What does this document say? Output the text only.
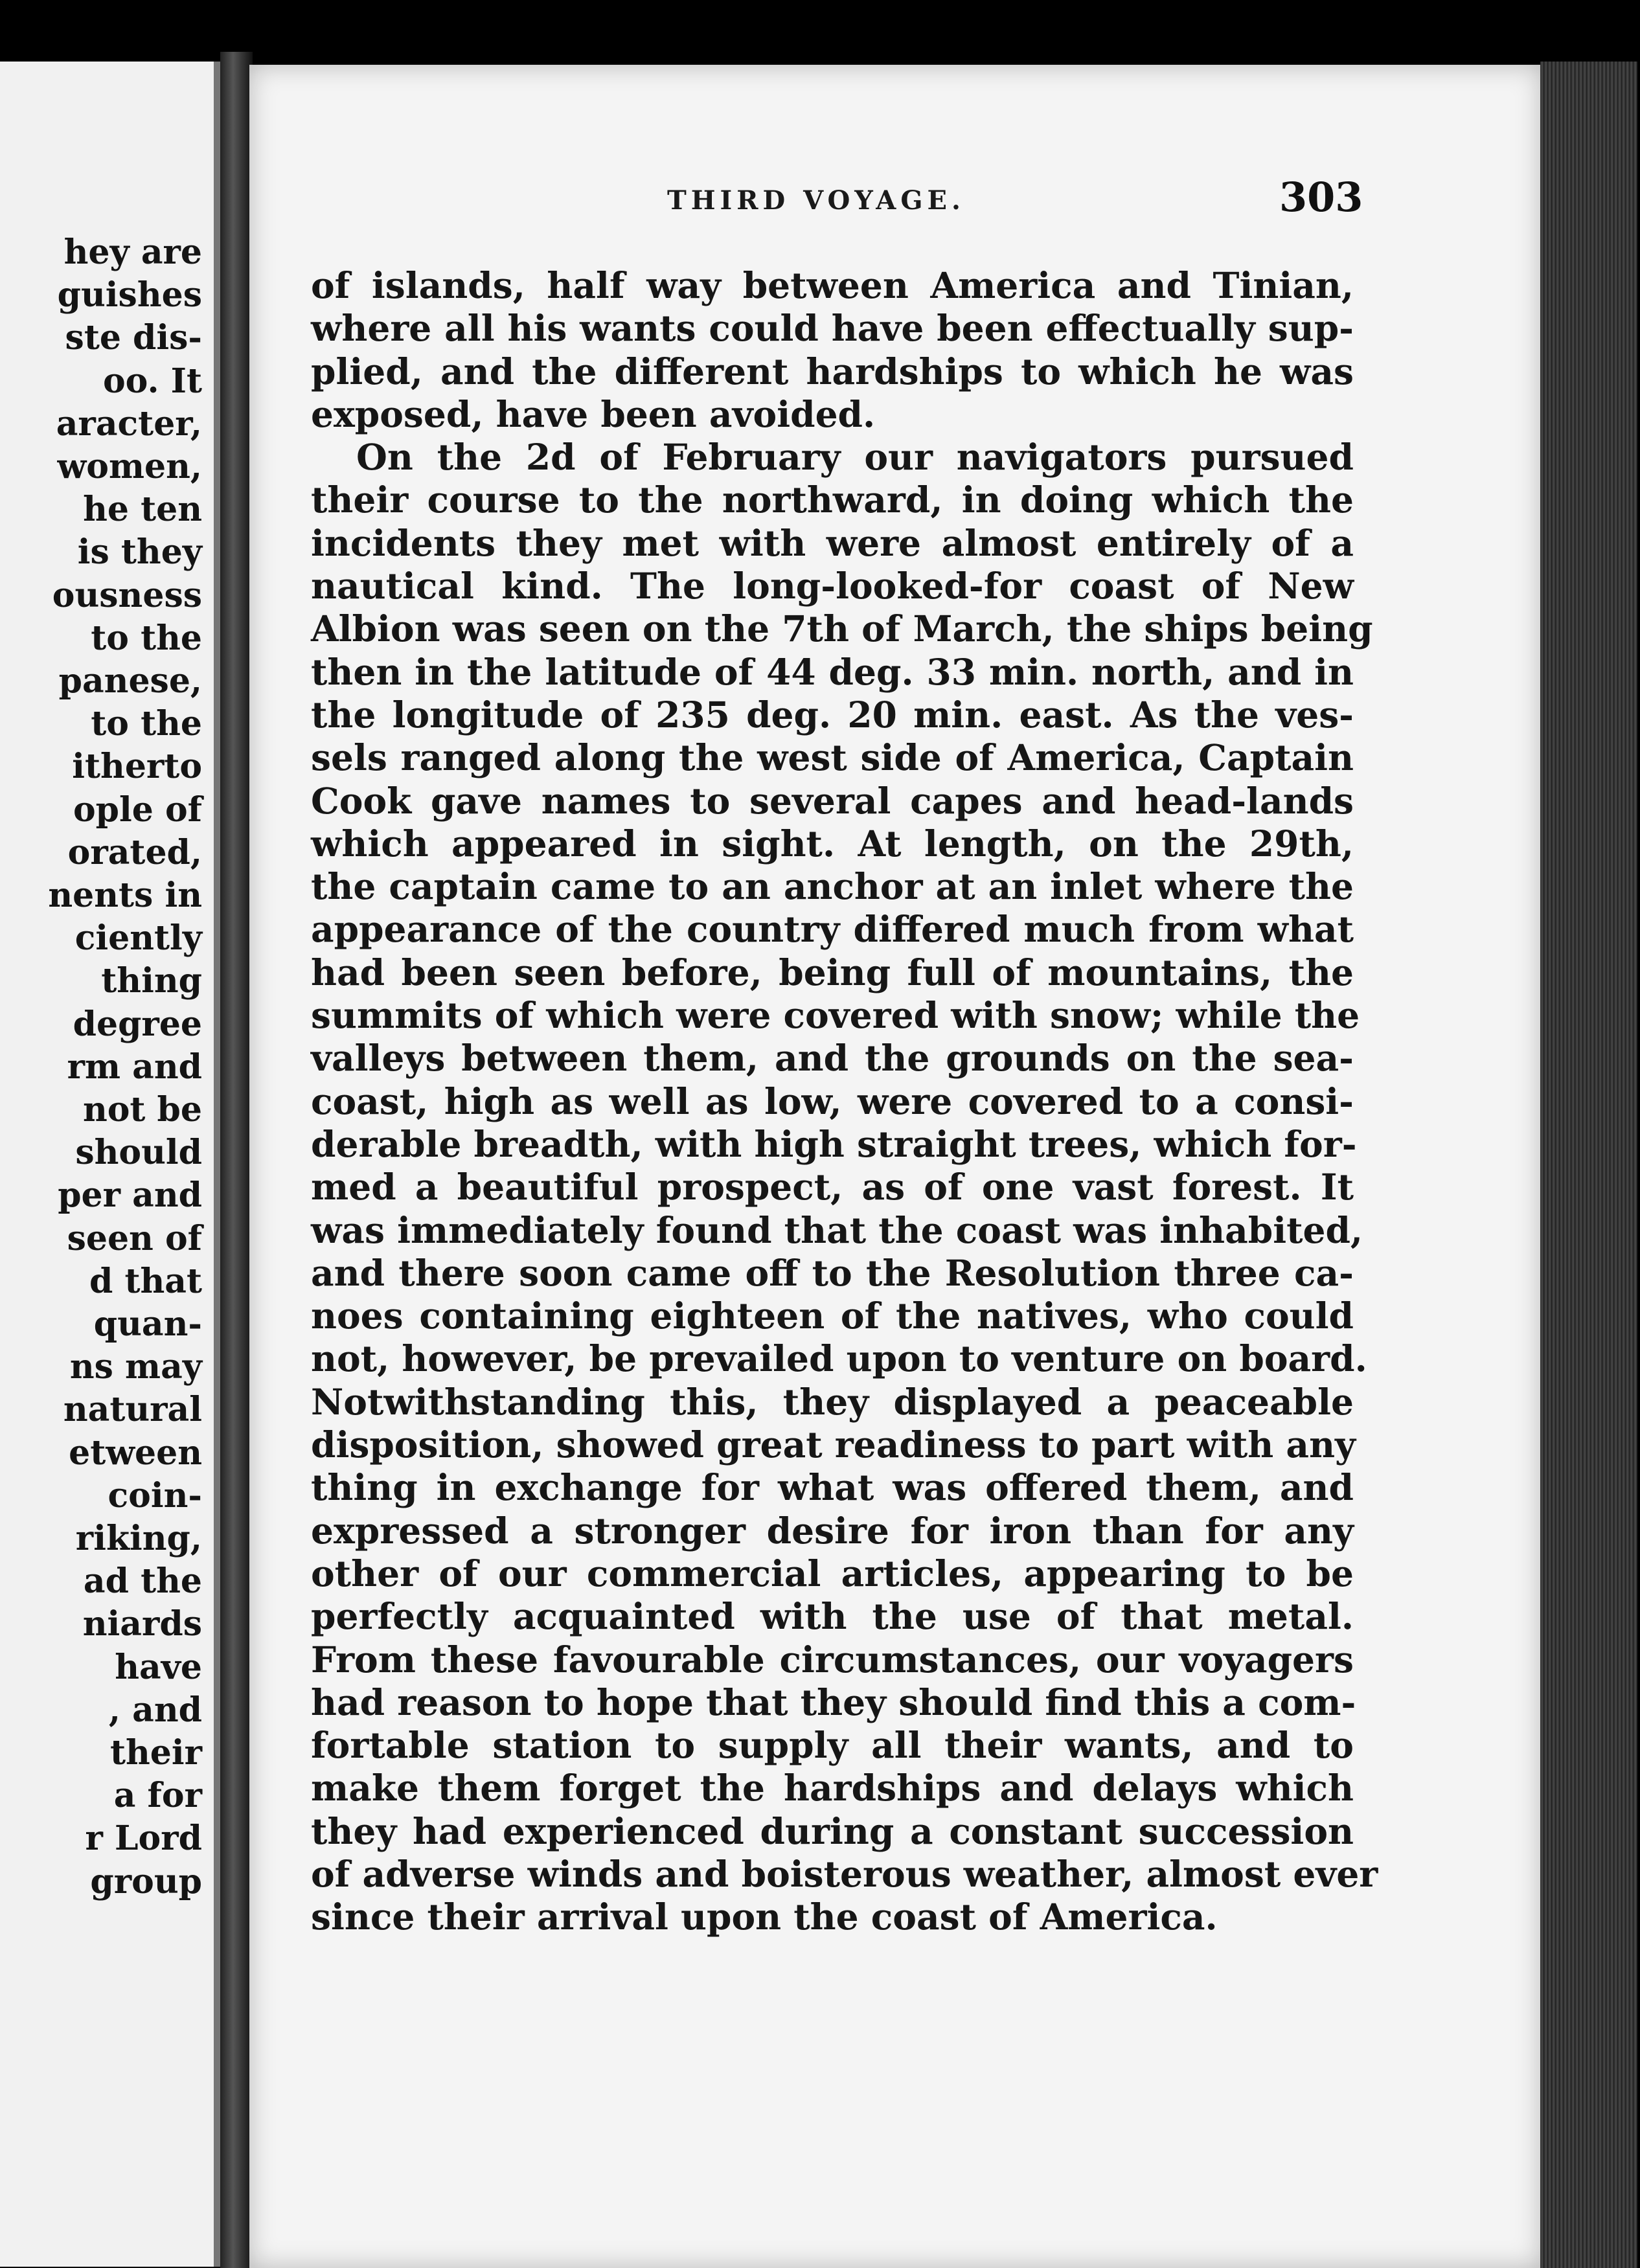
hey are
guishes
ste dis-
oo. It
aracter,
women,
he ten
is they
ousness
to the
panese,
to the
itherto
ople of
orated,
nents in
ciently
thing
degree
rm and
not be
should
per and
seen of
d that
quan-
ns may
natural
etween
coin-
riking,
ad the
niards
have
, and
their
a for
r Lord
group
THIRD VOYAGE.	303
of islands, half way between America and Tinian,
where all his wants could have been effectually sup-
plied, and the different hardships to which he was
exposed, have been avoided.
On the 2d of February our navigators pursued
their course to the northward, in doing which the
incidents they met with were almost entirely of a
nautical kind. The long-looked-for coast of New
Albion was seen on the 7th of March, the ships being
then in the latitude of 44 deg. 33 min. north, and in
the longitude of 235 deg. 20 min. east. As the ves-
sels ranged along the west side of America, Captain
Cook gave names to several capes and head-lands
which appeared in sight. At length, on the 29th,
the captain came to an anchor at an inlet where the
appearance of the country differed much from what
had been seen before, being full of mountains, the
summits of which were covered with snow; while the
valleys between them, and the grounds on the sea-
coast, high as well as low, were covered to a consi-
derable breadth, with high straight trees, which for-
med a beautiful prospect, as of one vast forest. It
was immediately found that the coast was inhabited,
and there soon came off to the Resolution three ca-
noes containing eighteen of the natives, who could
not, however, be prevailed upon to venture on board.
Notwithstanding this, they displayed a peaceable
disposition, showed great readiness to part with any
thing in exchange for what was offered them, and
expressed a stronger desire for iron than for any
other of our commercial articles, appearing to be
perfectly acquainted with the use of that metal.
From these favourable circumstances, our voyagers
had reason to hope that they should find this a com-
fortable station to supply all their wants, and to
make them forget the hardships and delays which
they had experienced during a constant succession
of adverse winds and boisterous weather, almost ever
since their arrival upon the coast of America.
